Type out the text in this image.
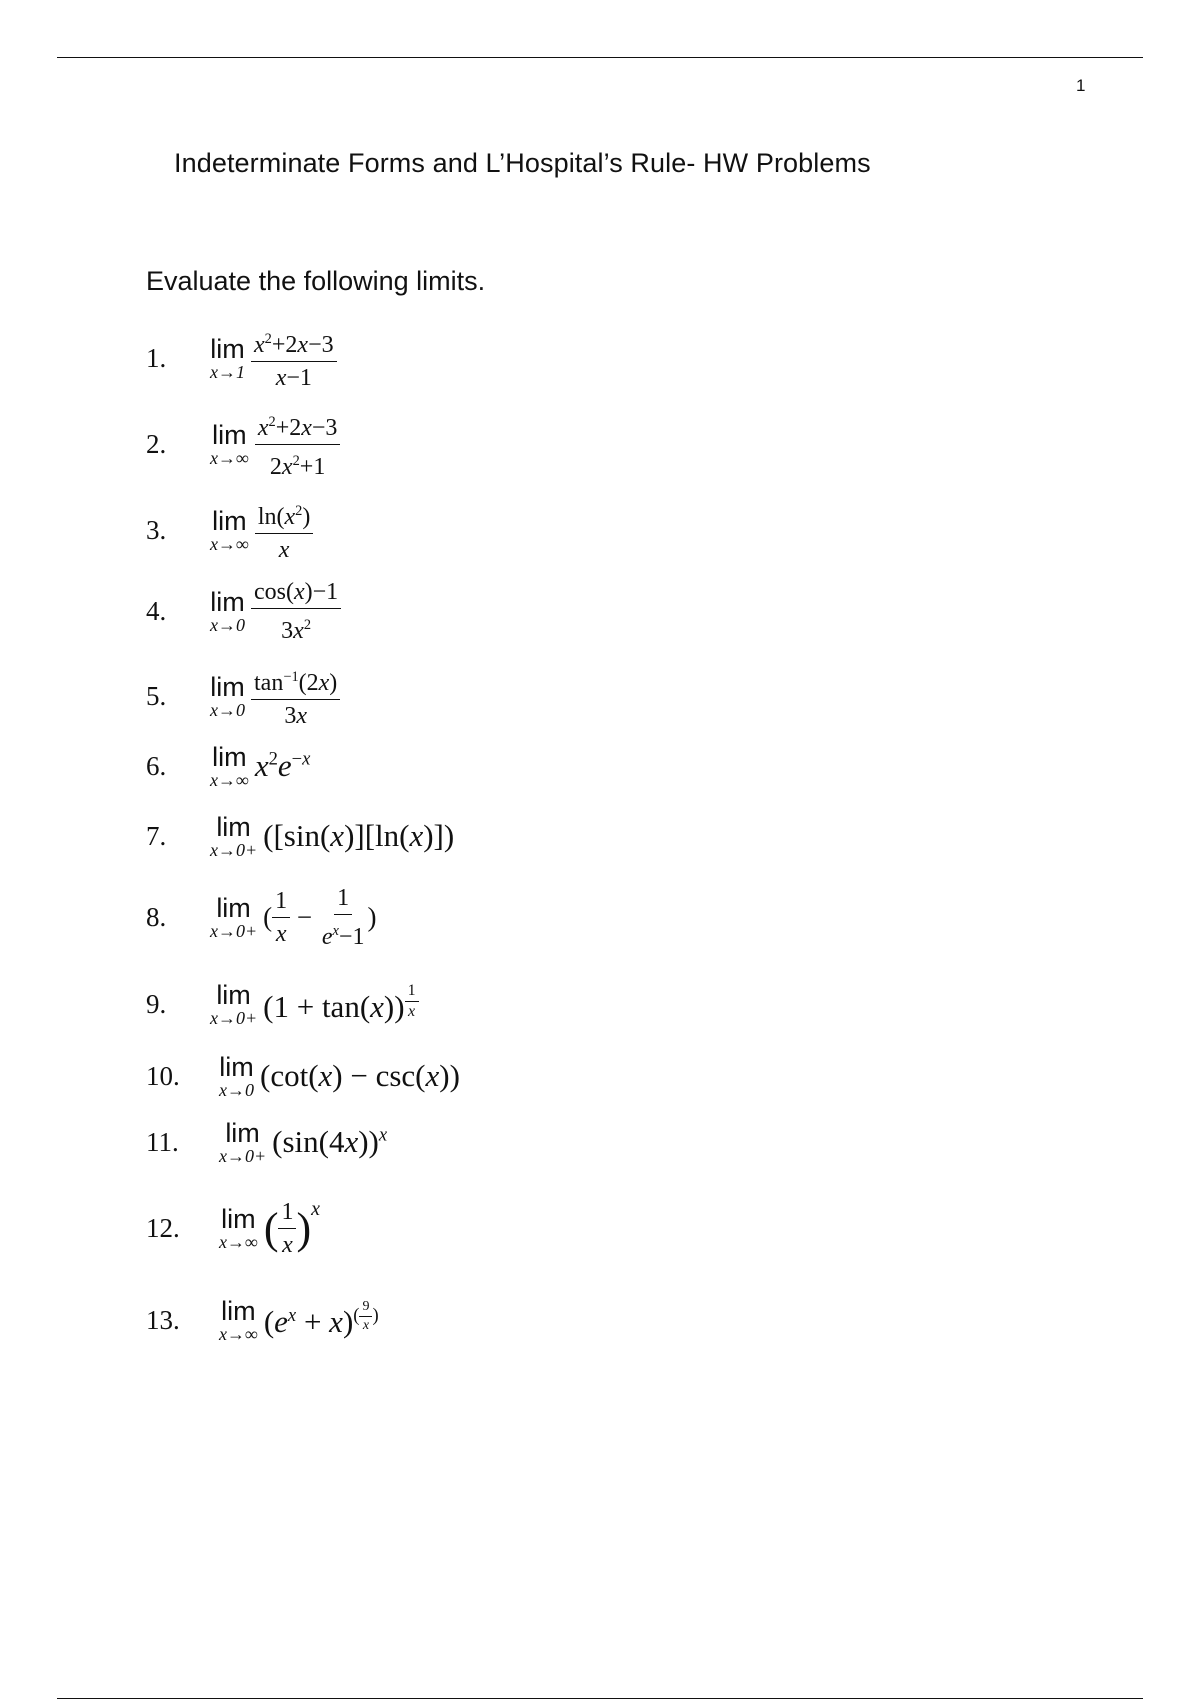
1
Indeterminate Forms and L’Hospital’s Rule- HW Problems
Evaluate the following limits.
1.	lim
$x\to 1 \frac{x^2+2x-3}{x-1}$
2.	lim
$x\to\infty \frac{x^2+2x-3}{2x^2+1}$
3.	lim
$x\to\infty \frac{\ln(x^2)}{x}$
4.	lim
$x\to 0 \frac{\cos(x)-1}{3x^2}$
5.	lim
$x\to 0 \frac{\tan^{-1}(2x)}{3x}$
6.	lim
x→∞ $x^2e^{-x}$
7.	lim
x→0+ ([sin(x)][ln(x)])
8.	lim
x→0+ ( $\frac{1}{x} - \frac{1}{e^x-1}$ )
9.	lim
x→0+ (1 + tan(x)) $^{\frac{1}{x}}$
10.	lim
x→0 (cot(x) − csc(x))
11.	lim
$x\to 0+ (\sin(4x))^x$
12.	lim
x→∞ ( $\frac{1}{x}$ ) $^x$
13.	lim
x→∞ $(e^x + x)^{( \frac{9}{x} )}$
